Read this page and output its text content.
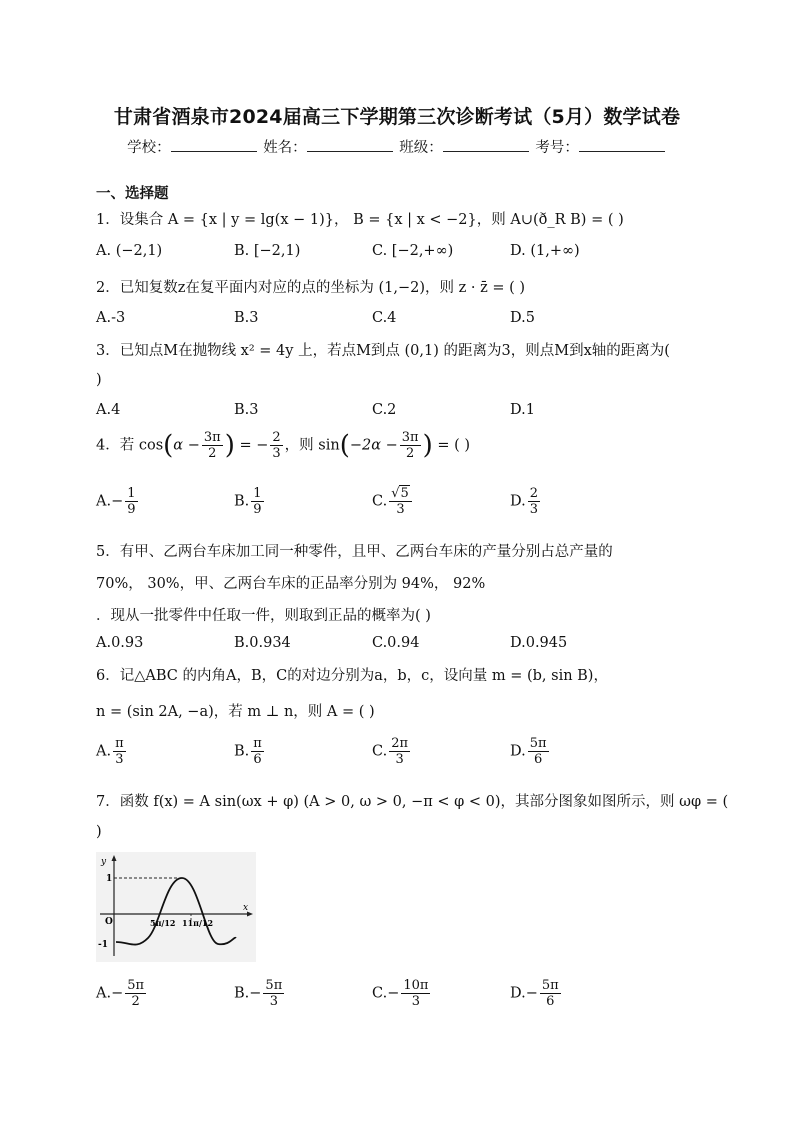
甘肃省酒泉市2024届高三下学期第三次诊断考试（5月）数学试卷
学校：	姓名：	班级：	考号：
一、选择题
1．设集合 A = {x | y = lg(x − 1)}， B = {x | x < −2}，则 A∪(ð_R B) = ( )
A. (−2,1)	B. [−2,1)	C. [−2,+∞)	D. (1,+∞)
2．已知复数z在复平面内对应的点的坐标为 (1,−2)，则 z · z̄ = ( )
A.-3	B.3	C.4	D.5
3．已知点M在抛物线 x² = 4y 上，若点M到点 (0,1) 的距离为3，则点M到x轴的距离为(
)
A.4	B.3	C.2	D.1
4．若 $\cos(\alpha - \frac{3\pi}{2}$ ) = − $\frac{2}{3}$ ，则 $\sin(-2\alpha - \frac{3\pi}{2}$ ) = ( )
$A.- \frac{1}{9}$	B. $\frac{1}{9}$	C. $\frac{√5}{3}$	D. $\frac{2}{3}$
5．有甲、乙两台车床加工同一种零件，且甲、乙两台车床的产量分别占总产量的
70%， 30%，甲、乙两台车床的正品率分别为 94%， 92%
．现从一批零件中任取一件，则取到正品的概率为( )
A.0.93	B.0.934	C.0.94	D.0.945
6．记△ABC 的内角A，B，C的对边分别为a，b，c，设向量 m = (b, sin B)，
n = (sin 2A, −a)，若 m ⊥ n，则 A = ( )
A. $\frac{\pi}{3}$	B. $\frac{\pi}{6}$	C. $\frac{2\pi}{3}$	D. $\frac{5\pi}{6}$
7．函数 f(x) = A sin(ωx + φ) (A > 0, ω > 0, −π < φ < 0)，其部分图象如图所示，则 ωφ = (
)
y
x
O
1
-1
5π/12 11π/12
$A.- \frac{5\pi}{2}$	$B.- \frac{5\pi}{3}$	$C.- \frac{10\pi}{3}$	$D.- \frac{5\pi}{6}$
